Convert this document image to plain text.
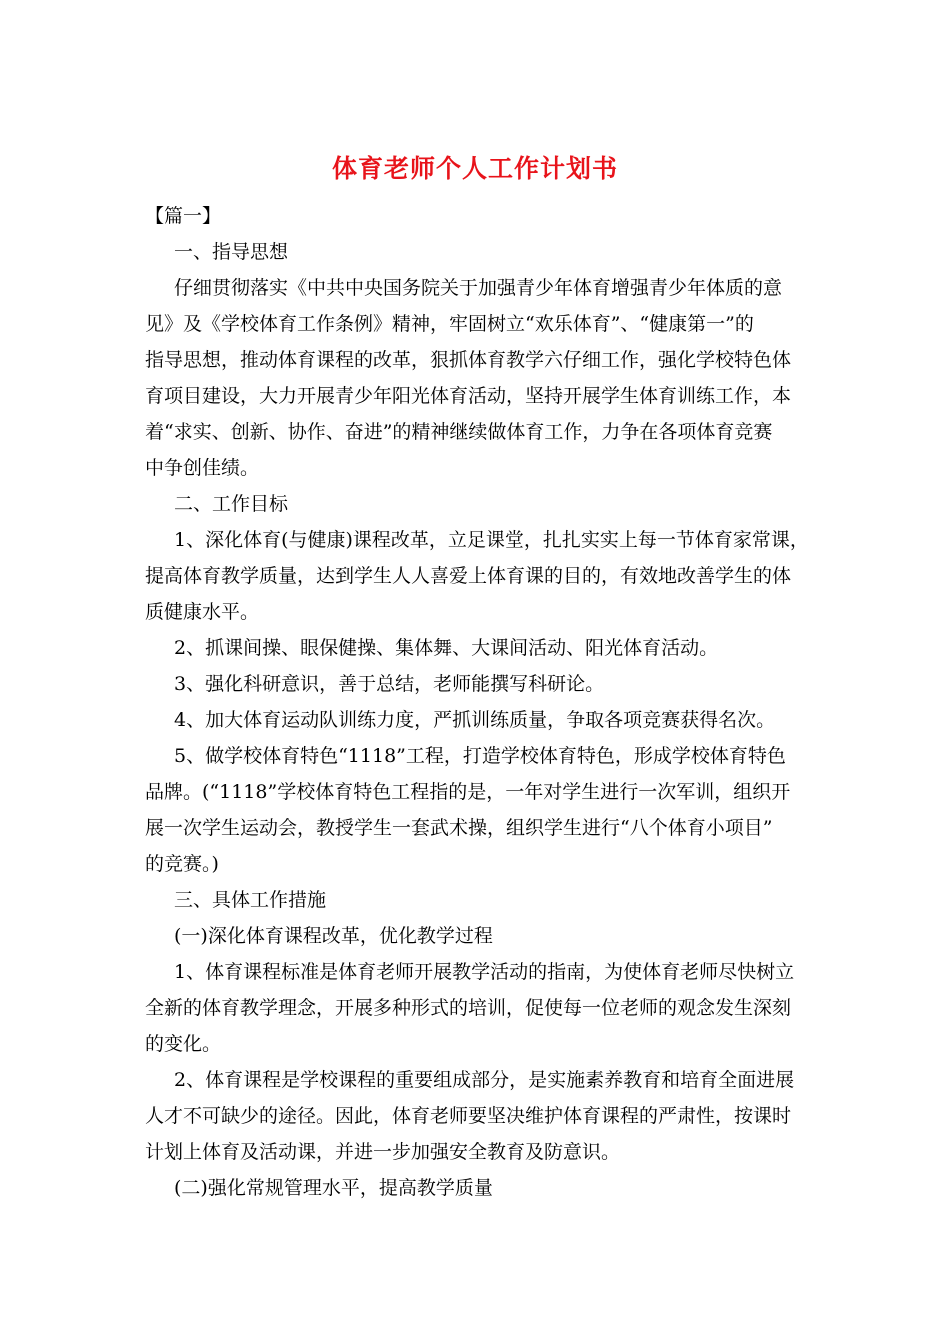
体育老师个人工作计划书
【篇一】
一、指导思想
仔细贯彻落实《中共中央国务院关于加强青少年体育增强青少年体质的意
见》及《学校体育工作条例》精神，牢固树立“欢乐体育”、“健康第一”的
指导思想，推动体育课程的改革，狠抓体育教学六仔细工作，强化学校特色体
育项目建设，大力开展青少年阳光体育活动，坚持开展学生体育训练工作，本
着“求实、创新、协作、奋进”的精神继续做体育工作，力争在各项体育竞赛
中争创佳绩。
二、工作目标
1、深化体育(与健康)课程改革，立足课堂，扎扎实实上每一节体育家常课，
提高体育教学质量，达到学生人人喜爱上体育课的目的，有效地改善学生的体
质健康水平。
2、抓课间操、眼保健操、集体舞、大课间活动、阳光体育活动。
3、强化科研意识，善于总结，老师能撰写科研论。
4、加大体育运动队训练力度，严抓训练质量，争取各项竞赛获得名次。
5、做学校体育特色“1118”工程，打造学校体育特色，形成学校体育特色
品牌。(“1118”学校体育特色工程指的是，一年对学生进行一次军训，组织开
展一次学生运动会，教授学生一套武术操，组织学生进行“八个体育小项目”
的竞赛。)
三、具体工作措施
(一)深化体育课程改革，优化教学过程
1、体育课程标准是体育老师开展教学活动的指南，为使体育老师尽快树立
全新的体育教学理念，开展多种形式的培训，促使每一位老师的观念发生深刻
的变化。
2、体育课程是学校课程的重要组成部分，是实施素养教育和培育全面进展
人才不可缺少的途径。因此，体育老师要坚决维护体育课程的严肃性，按课时
计划上体育及活动课，并进一步加强安全教育及防意识。
(二)强化常规管理水平，提高教学质量
